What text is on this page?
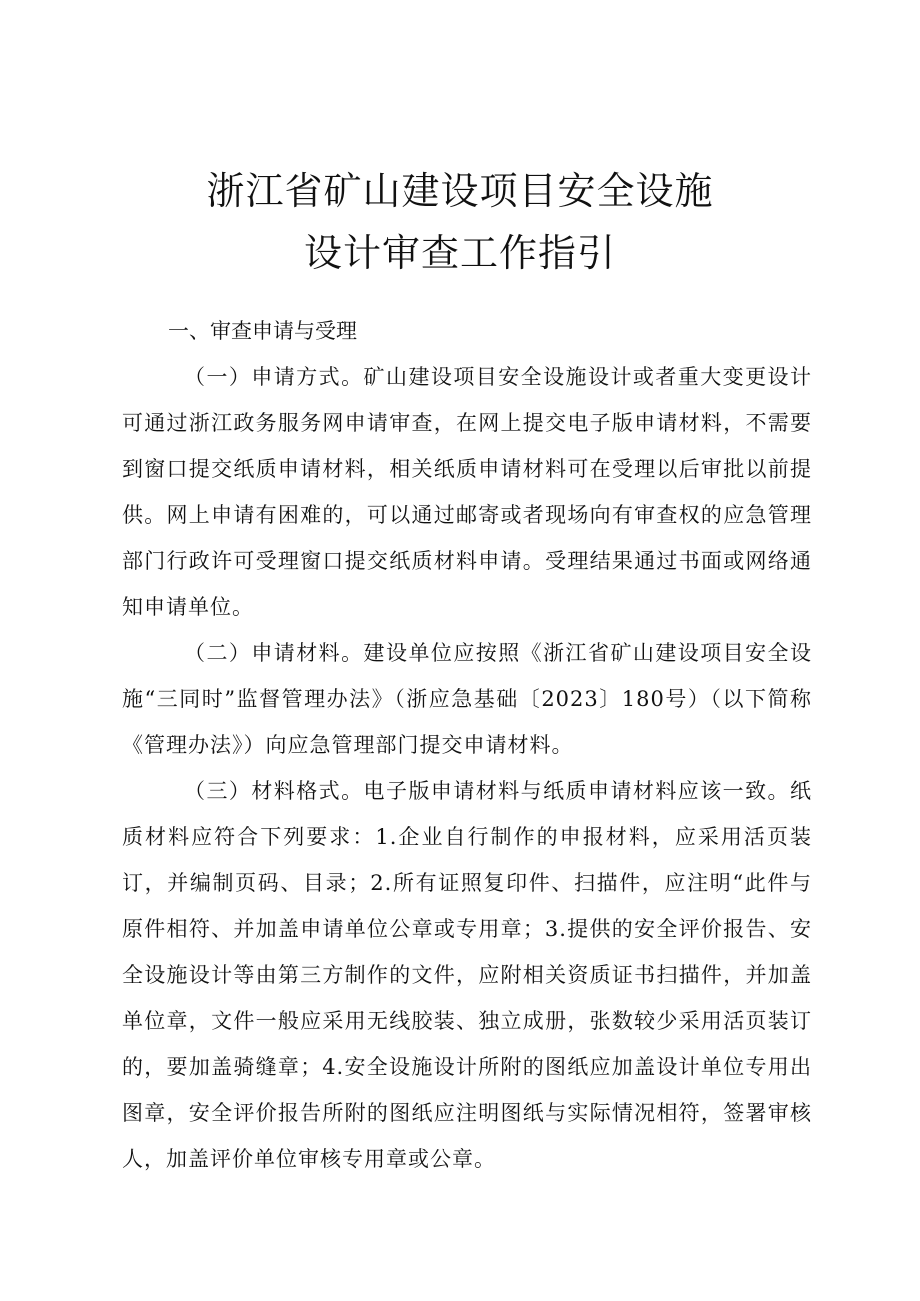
浙江省矿山建设项目安全设施
设计审查工作指引

一、审查申请与受理

（一）申请方式。矿山建设项目安全设施设计或者重大变更设计可通过浙江政务服务网申请审查，在网上提交电子版申请材料，不需要到窗口提交纸质申请材料，相关纸质申请材料可在受理以后审批以前提供。网上申请有困难的，可以通过邮寄或者现场向有审查权的应急管理部门行政许可受理窗口提交纸质材料申请。受理结果通过书面或网络通知申请单位。

（二）申请材料。建设单位应按照《浙江省矿山建设项目安全设施“三同时”监督管理办法》（浙应急基础〔2023〕180号）（以下简称《管理办法》）向应急管理部门提交申请材料。

（三）材料格式。电子版申请材料与纸质申请材料应该一致。纸质材料应符合下列要求：1.企业自行制作的申报材料，应采用活页装订，并编制页码、目录；2.所有证照复印件、扫描件，应注明“此件与原件相符、并加盖申请单位公章或专用章；3.提供的安全评价报告、安全设施设计等由第三方制作的文件，应附相关资质证书扫描件，并加盖单位章，文件一般应采用无线胶装、独立成册，张数较少采用活页装订的，要加盖骑缝章；4.安全设施设计所附的图纸应加盖设计单位专用出图章，安全评价报告所附的图纸应注明图纸与实际情况相符，签署审核人，加盖评价单位审核专用章或公章。
